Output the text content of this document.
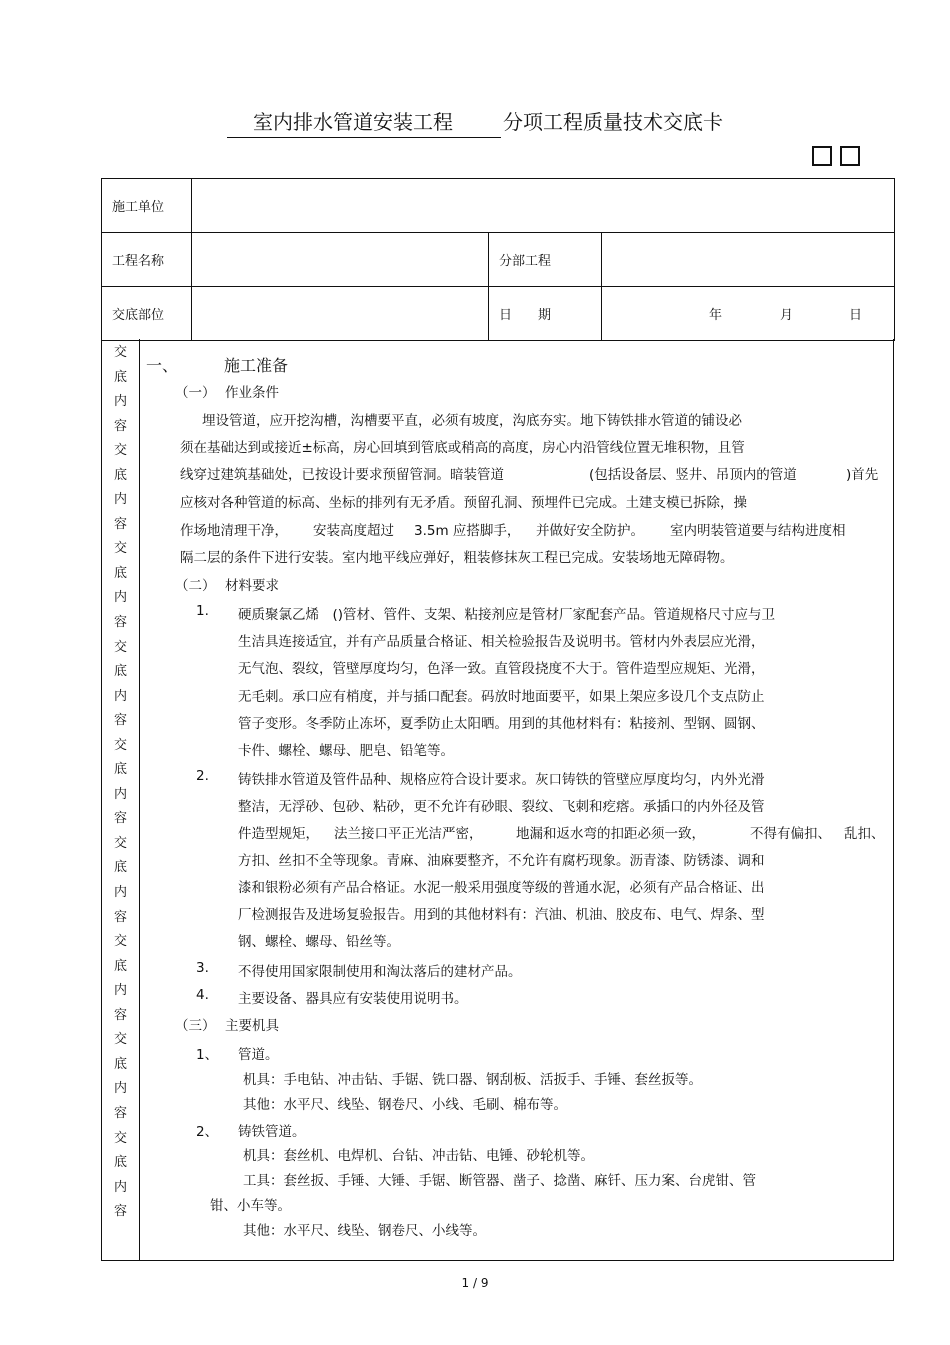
室内排水管道安装工程	分项工程质量技术交底卡
施工单位			
工程名称		分部工程	
交底部位		日　　期	年 月 日
交
底
内
容
交
底
内
容
交
底
内
容
交
底
内
容
交
底
内
容
交
底
内
容
交
底
内
容
交
底
内
容
交
底
内
容
一、	施工准备
（一） 作业条件
埋设管道，应开挖沟槽，沟槽要平直，必须有坡度，沟底夯实。地下铸铁排水管道的铺设必
须在基础达到或接近±标高，房心回填到管底或稍高的高度，房心内沿管线位置无堆积物，且管
线穿过建筑基础处，已按设计要求预留管洞。暗装管道	(包括设备层、竖井、吊顶内的管道	)首先
应核对各种管道的标高、坐标的排列有无矛盾。预留孔洞、预埋件已完成。土建支模已拆除，操
作场地清理干净， 安装高度超过 3.5m 应搭脚手， 并做好安全防护。 室内明装管道要与结构进度相
隔二层的条件下进行安装。室内地平线应弹好，粗装修抹灰工程已完成。安装场地无障碍物。
（二） 材料要求
1. 硬质聚氯乙烯　()管材、管件、支架、粘接剂应是管材厂家配套产品。管道规格尺寸应与卫
生洁具连接适宜，并有产品质量合格证、相关检验报告及说明书。管材内外表层应光滑，
无气泡、裂纹，管壁厚度均匀，色泽一致。直管段挠度不大于。管件造型应规矩、光滑，
无毛刺。承口应有梢度，并与插口配套。码放时地面要平，如果上架应多设几个支点防止
管子变形。冬季防止冻坏，夏季防止太阳晒。用到的其他材料有：粘接剂、型钢、圆钢、
卡件、螺栓、螺母、肥皂、铅笔等。
2. 铸铁排水管道及管件品种、规格应符合设计要求。灰口铸铁的管壁应厚度均匀，内外光滑
整洁，无浮砂、包砂、粘砂，更不允许有砂眼、裂纹、飞刺和疙瘩。承插口的内外径及管
件造型规矩， 法兰接口平正光洁严密， 地漏和返水弯的扣距必须一致，	不得有偏扣、 乱扣、
方扣、丝扣不全等现象。青麻、油麻要整齐，不允许有腐朽现象。沥青漆、防锈漆、调和
漆和银粉必须有产品合格证。水泥一般采用强度等级的普通水泥，必须有产品合格证、出
厂检测报告及进场复验报告。用到的其他材料有：汽油、机油、胶皮布、电气、焊条、型
钢、螺栓、螺母、铅丝等。
3. 不得使用国家限制使用和淘汰落后的建材产品。
4. 主要设备、器具应有安装使用说明书。
（三） 主要机具
1、 管道。
机具：手电钻、冲击钻、手锯、铣口器、钢刮板、活扳手、手锤、套丝扳等。
其他：水平尺、线坠、钢卷尺、小线、毛刷、棉布等。
2、 铸铁管道。
机具：套丝机、电焊机、台钻、冲击钻、电锤、砂轮机等。
工具：套丝扳、手锤、大锤、手锯、断管器、凿子、捻凿、麻钎、压力案、台虎钳、管
钳、小车等。
其他：水平尺、线坠、钢卷尺、小线等。
1 / 9
